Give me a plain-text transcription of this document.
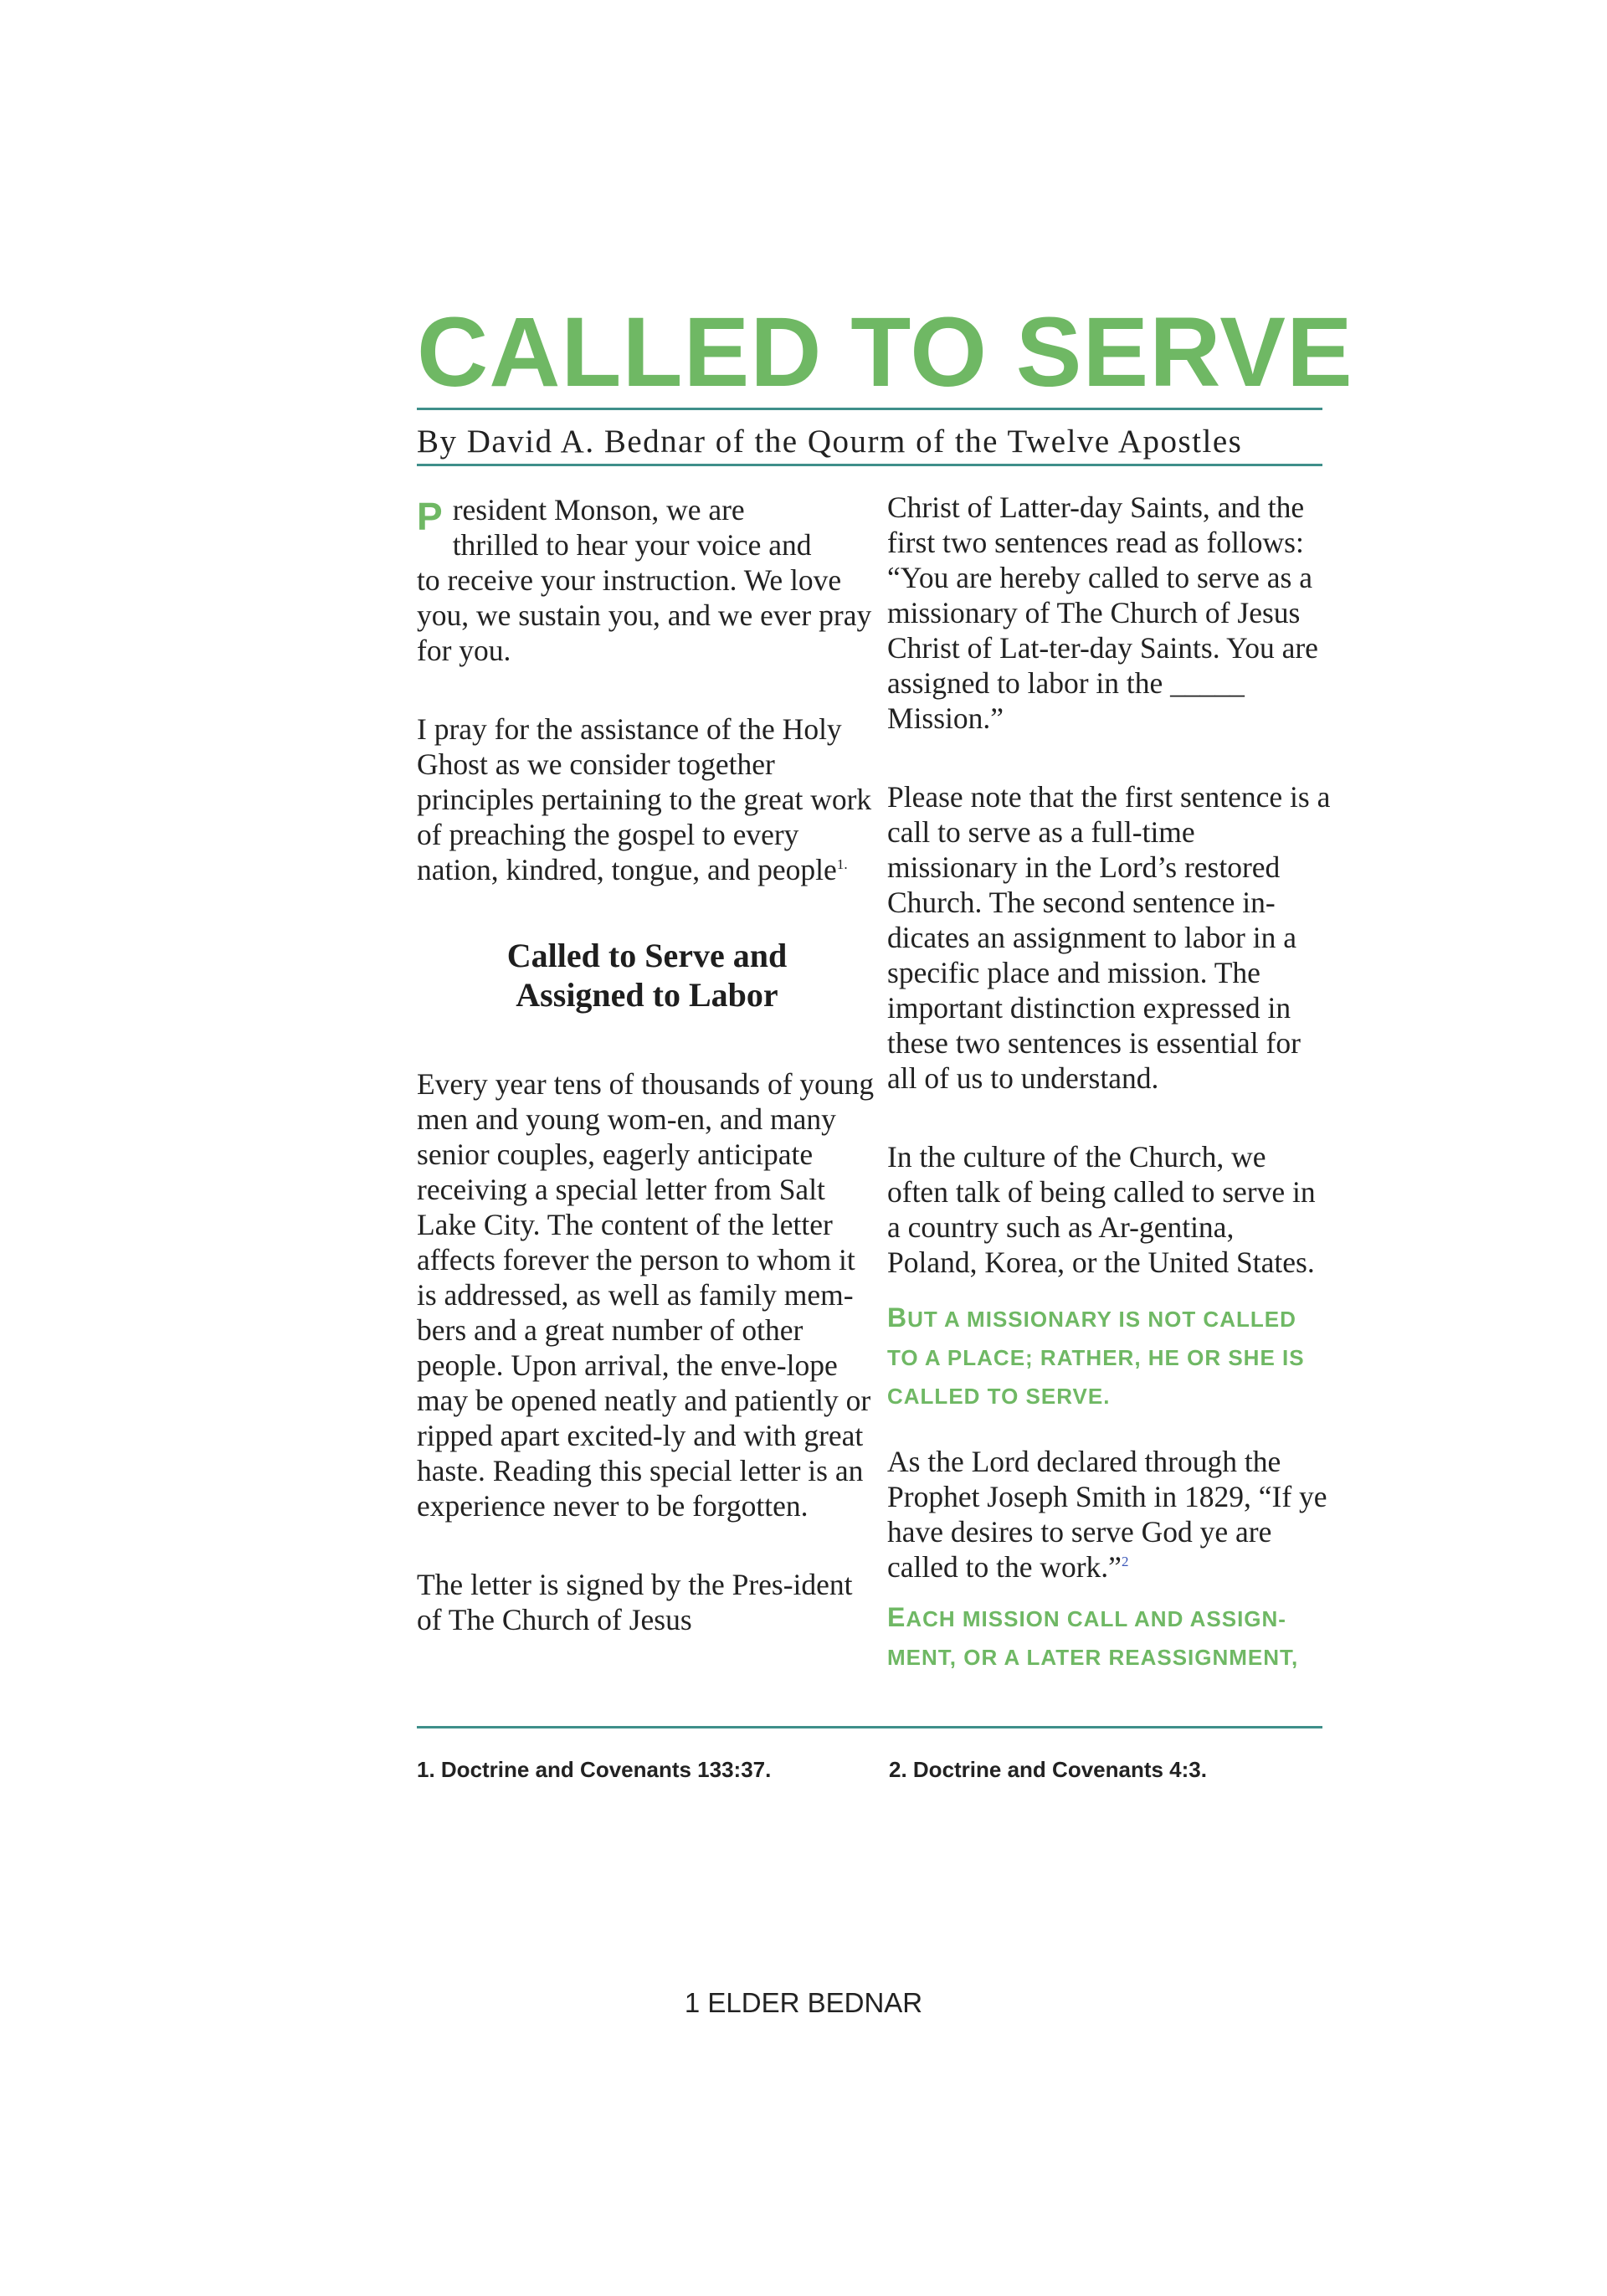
CALLED TO SERVE
By David A. Bednar of the Qourm of the Twelve Apostles

P resident Monson, we are
thrilled to hear your voice and
to receive your instruction. We love you, we sustain you, and we ever pray for you.

I pray for the assistance of the Holy Ghost as we consider together principles pertaining to the great work of preaching the gospel to every nation, kindred, tongue, and people$^{1.}$

Called to Serve and
Assigned to Labor

Every year tens of thousands of young men and young wom-en, and many senior couples, eagerly anticipate receiving a special letter from Salt Lake City. The content of the letter affects forever the person to whom it is addressed, as well as family mem-bers and a great number of other people. Upon arrival, the enve-lope may be opened neatly and patiently or ripped apart excited-ly and with great haste. Reading this special letter is an experience never to be forgotten.

The letter is signed by the Pres-ident of The Church of Jesus

Christ of Latter-day Saints, and the first two sentences read as follows: “You are hereby called to serve as a missionary of The Church of Jesus Christ of Lat-ter-day Saints. You are assigned to labor in the _____ Mission.”

Please note that the first sentence is a call to serve as a full-time missionary in the Lord’s restored Church. The second sentence in-dicates an assignment to labor in a specific place and mission. The important distinction expressed in these two sentences is essential for all of us to understand.

In the culture of the Church, we often talk of being called to serve in a country such as Ar-gentina, Poland, Korea, or the United States.

BUT A MISSIONARY IS NOT CALLED
TO A PLACE; RATHER, HE OR SHE IS
CALLED TO SERVE.

As the Lord declared through the Prophet Joseph Smith in 1829, “If ye have desires to serve God ye are called to the work.”$^2$

EACH MISSION CALL AND ASSIGN-
MENT, OR A LATER REASSIGNMENT,

1. Doctrine and Covenants 133:37.	2. Doctrine and Covenants 4:3.
1 ELDER BEDNAR
